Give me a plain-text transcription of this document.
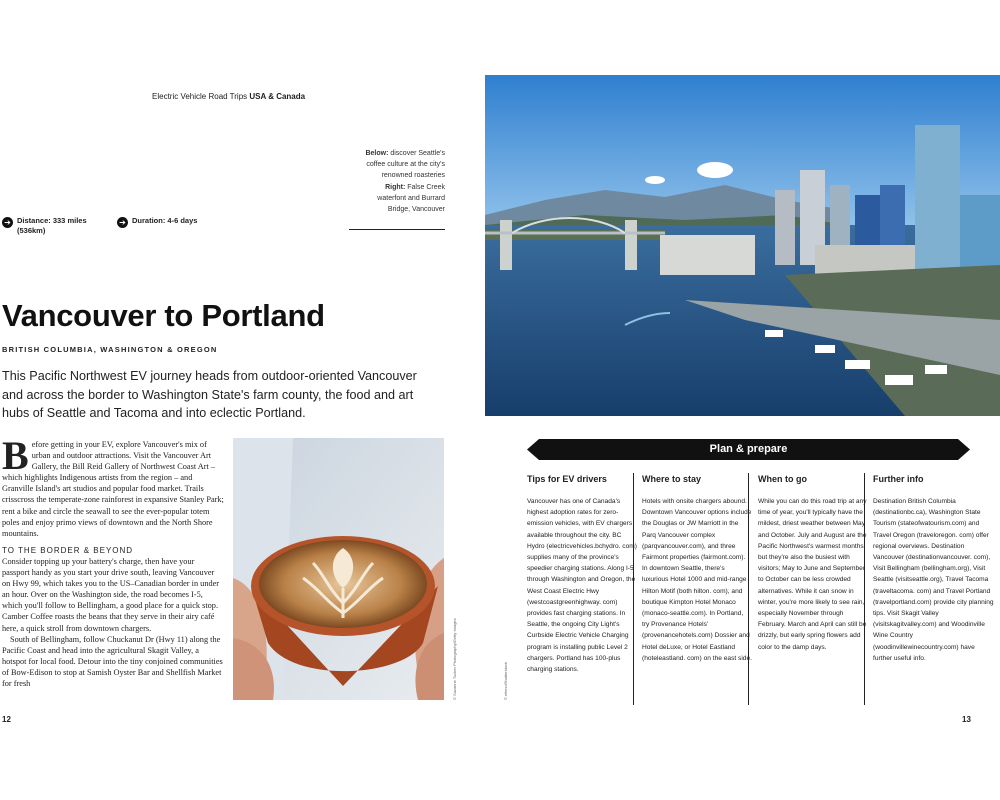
Electric Vehicle Road Trips USA & Canada
Below: discover Seattle's coffee culture at the city's renowned roasteries Right: False Creek waterfont and Burrard Bridge, Vancouver
➔ Distance: 333 miles (536km)
➔ Duration: 4-6 days
Vancouver to Portland
BRITISH COLUMBIA, WASHINGTON & OREGON
This Pacific Northwest EV journey heads from outdoor-oriented Vancouver and across the border to Washington State's farm county, the food and art hubs of Seattle and Tacoma and into eclectic Portland.
B efore getting in your EV, explore Vancouver's mix of urban and outdoor attractions. Visit the Vancouver Art Gallery, the Bill Reid Gallery of Northwest Coast Art – which highlights Indigenous artists from the region – and Granville Island's art studios and popular food market. Trails crisscross the temperate-zone rainforest in expansive Stanley Park; rent a bike and circle the seawall to see the ever-popular totem poles and enjoy primo views of downtown and the North Shore mountains.

TO THE BORDER & BEYOND

Consider topping up your battery's charge, then have your passport handy as you start your drive south, leaving Vancouver on Hwy 99, which takes you to the US–Canadian border in under an hour. Over on the Washington side, the road becomes I-5, which you'll follow to Bellingham, a good place for a quick stop. Camber Coffee roasts the beans that they serve in their airy café here, a quick stroll from downtown chargers.

South of Bellingham, follow Chuckanut Dr (Hwy 11) along the Pacific Coast and head into the agricultural Skagit Valley, a hotspot for local food. Detour into the tiny conjoined communities of Bow-Edison to stop at Samish Oyster Bar and Shellfish Market for fresh	© Suzanne Tucker Photography/Getty Images	© ellenn/Shutterstock
Plan & prepare
Tips for EV drivers	Where to stay	When to go	Further info
Vancouver has one of Canada's highest adoption rates for zero-emission vehicles, with EV chargers available throughout the city. BC Hydro (electricvehicles.bchydro. com) supplies many of the province's speedier charging stations. Along I-5 through Washington and Oregon, the West Coast Electric Hwy (westcoastgreenhighway. com) provides fast charging stations. In Seattle, the ongoing City Light's Curbside Electric Vehicle Charging program is installing public Level 2 chargers. Portland has 100-plus charging stations.
Hotels with onsite chargers abound. Downtown Vancouver options include the Douglas or JW Marriott in the Parq Vancouver complex (parqvancouver.com), and three Fairmont properties (fairmont.com). In downtown Seattle, there's luxurious Hotel 1000 and mid-range Hilton Motif (both hilton. com), and boutique Kimpton Hotel Monaco (monaco-seattle.com). In Portland, try Provenance Hotels' (provenancehotels.com) Dossier and Hotel deLuxe, or Hotel Eastland (hoteleastland. com) on the east side.
While you can do this road trip at any time of year, you'll typically have the mildest, driest weather between May and October. July and August are the Pacific Northwest's warmest months, but they're also the busiest with visitors; May to June and September to October can be less crowded alternatives. While it can snow in winter, you're more likely to see rain, especially November through February. March and April can still be drizzly, but early spring flowers add color to the damp days.
Destination British Columbia (destinationbc.ca), Washington State Tourism (stateofwatourism.com) and Travel Oregon (traveloregon. com) offer regional overviews. Destination Vancouver (destinationvancouver. com), Visit Bellingham (bellingham.org), Visit Seattle (visitseattle.org), Travel Tacoma (traveltacoma. com) and Travel Portland (travelportland.com) provide city planning tips. Visit Skagit Valley (visitskagitvalley.com) and Woodinville Wine Country (woodinvillewinecountry.com) have further useful info.
12	13
